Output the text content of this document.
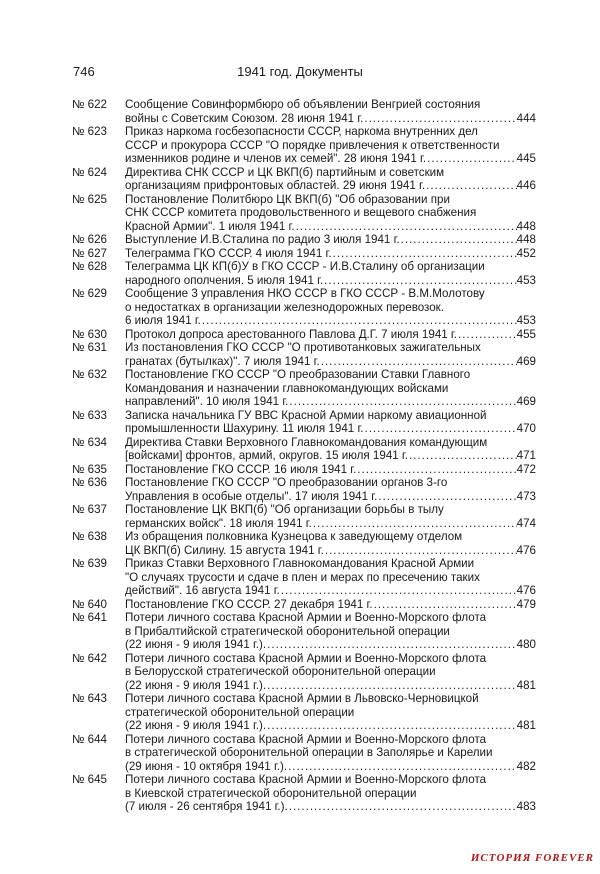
746	1941 год. Документы
№ 622	Сообщение Совинформбюро об объявлении Венгрией состояния
войны с Советским Союзом. 28 июня 1941 г. .....	444
№ 623	Приказ наркома госбезопасности СССР, наркома внутренних дел
СССР и прокурора СССР "О порядке привлечения к ответственности
изменников родине и членов их семей". 28 июня 1941 г. .....	445
№ 624	Директива СНК СССР и ЦК ВКП(б) партийным и советским
организациям прифронтовых областей. 29 июня 1941 г. .....	446
№ 625	Постановление Политбюро ЦК ВКП(б) "Об образовании при
СНК СССР комитета продовольственного и вещевого снабжения
Красной Армии". 1 июля 1941 г. .....	448
№ 626	Выступление И.В.Сталина по радио 3 июля 1941 г. .....	448
№ 627	Телеграмма ГКО СССР. 4 июля 1941 г. .....	452
№ 628	Телеграмма ЦК КП(б)У в ГКО СССР - И.В.Сталину об организации
народного ополчения. 5 июля 1941 г. .....	453
№ 629	Сообщение 3 управления НКО СССР в ГКО СССР - В.М.Молотову
о недостатках в организации железнодорожных перевозок.
6 июля 1941 г. .....	453
№ 630	Протокол допроса арестованного Павлова Д.Г. 7 июля 1941 г. .....	455
№ 631	Из постановления ГКО СССР "О противотанковых зажигательных
гранатах (бутылках)". 7 июля 1941 г. .....	469
№ 632	Постановление ГКО СССР "О преобразовании Ставки Главного
Командования и назначении главнокомандующих войсками
направлений". 10 июля 1941 г. .....	469
№ 633	Записка начальника ГУ ВВС Красной Армии наркому авиационной
промышленности Шахурину. 11 июля 1941 г. .....	470
№ 634	Директива Ставки Верховного Главнокомандования командующим
[войсками] фронтов, армий, округов. 15 июля 1941 г. .....	471
№ 635	Постановление ГКО СССР. 16 июля 1941 г. .....	472
№ 636	Постановление ГКО СССР "О преобразовании органов 3-го
Управления в особые отделы". 17 июля 1941 г. .....	473
№ 637	Постановление ЦК ВКП(б) "Об организации борьбы в тылу
германских войск". 18 июля 1941 г. .....	474
№ 638	Из обращения полковника Кузнецова к заведующему отделом
ЦК ВКП(б) Силину. 15 августа 1941 г. .....	476
№ 639	Приказ Ставки Верховного Главнокомандования Красной Армии
"О случаях трусости и сдаче в плен и мерах по пресечению таких
действий". 16 августа 1941 г. .....	476
№ 640	Постановление ГКО СССР. 27 декабря 1941 г. .....	479
№ 641	Потери личного состава Красной Армии и Военно-Морского флота
в Прибалтийской стратегической оборонительной операции
(22 июня - 9 июля 1941 г.). .....	480
№ 642	Потери личного состава Красной Армии и Военно-Морского флота
в Белорусской стратегической оборонительной операции
(22 июня - 9 июля 1941 г.). .....	481
№ 643	Потери личного состава Красной Армии в Львовско-Черновицкой
стратегической оборонительной операции
(22 июня - 9 июля 1941 г.). .....	481
№ 644	Потери личного состава Красной Армии и Военно-Морского флота
в стратегической оборонительной операции в Заполярье и Карелии
(29 июня - 10 октября 1941 г.). .....	482
№ 645	Потери личного состава Красной Армии и Военно-Морского флота
в Киевской стратегической оборонительной операции
(7 июля - 26 сентября 1941 г.). .....	483
ИСТОРИЯ FOREVER
